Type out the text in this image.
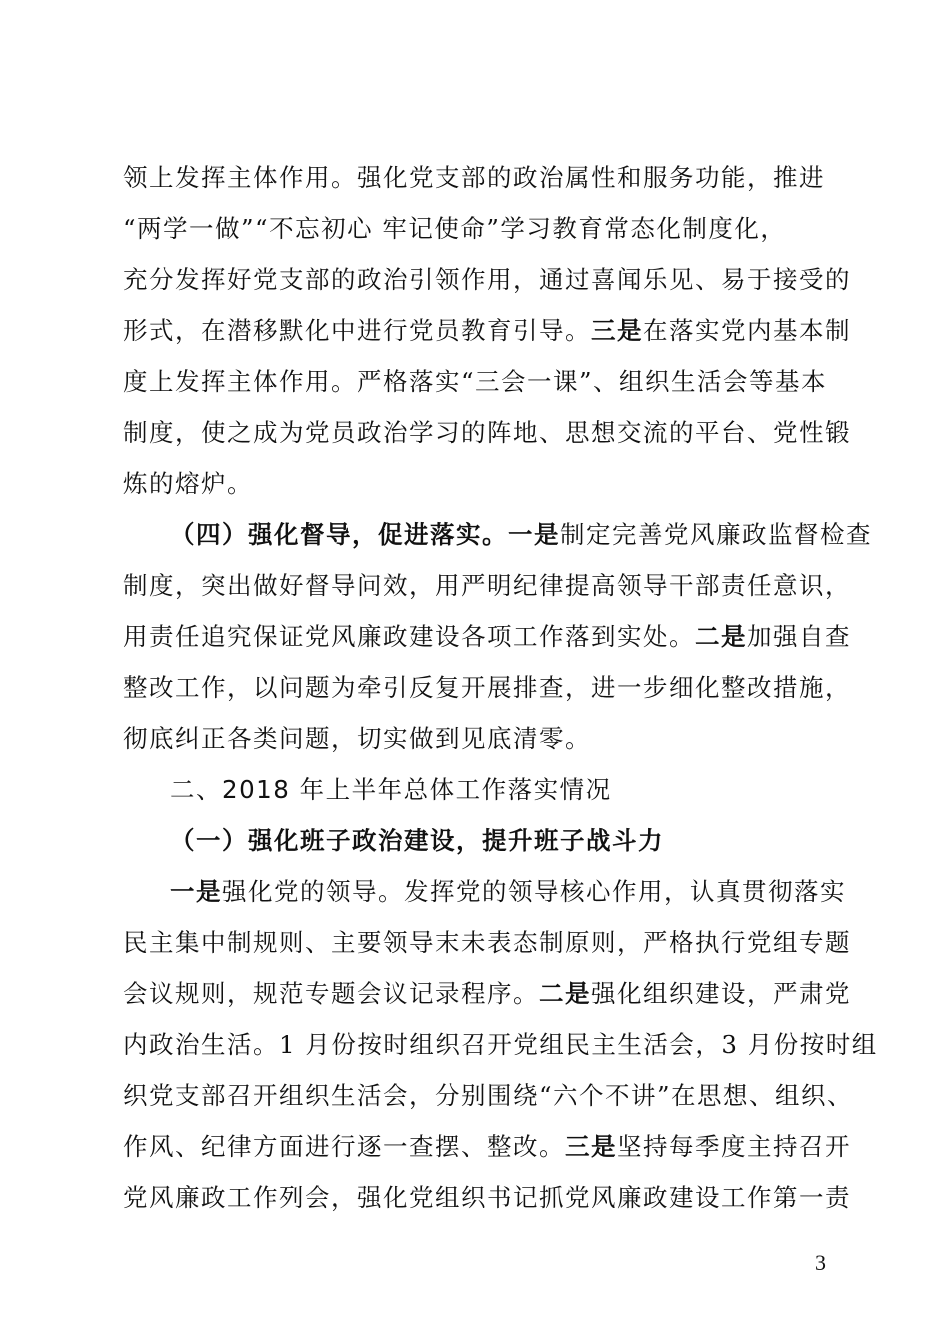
领上发挥主体作用。强化党支部的政治属性和服务功能，推进
“两学一做”“不忘初心 牢记使命”学习教育常态化制度化，
充分发挥好党支部的政治引领作用，通过喜闻乐见、易于接受的
形式，在潜移默化中进行党员教育引导。三是在落实党内基本制
度上发挥主体作用。严格落实“三会一课”、组织生活会等基本
制度，使之成为党员政治学习的阵地、思想交流的平台、党性锻
炼的熔炉。
（四）强化督导，促进落实。一是制定完善党风廉政监督检查
制度，突出做好督导问效，用严明纪律提高领导干部责任意识，
用责任追究保证党风廉政建设各项工作落到实处。二是加强自查
整改工作，以问题为牵引反复开展排查，进一步细化整改措施，
彻底纠正各类问题，切实做到见底清零。
二、2018 年上半年总体工作落实情况
（一）强化班子政治建设，提升班子战斗力
一是强化党的领导。发挥党的领导核心作用，认真贯彻落实
民主集中制规则、主要领导末未表态制原则，严格执行党组专题
会议规则，规范专题会议记录程序。二是强化组织建设，严肃党
内政治生活。1 月份按时组织召开党组民主生活会，3 月份按时组
织党支部召开组织生活会，分别围绕“六个不讲”在思想、组织、
作风、纪律方面进行逐一查摆、整改。三是坚持每季度主持召开
党风廉政工作列会，强化党组织书记抓党风廉政建设工作第一责
3
